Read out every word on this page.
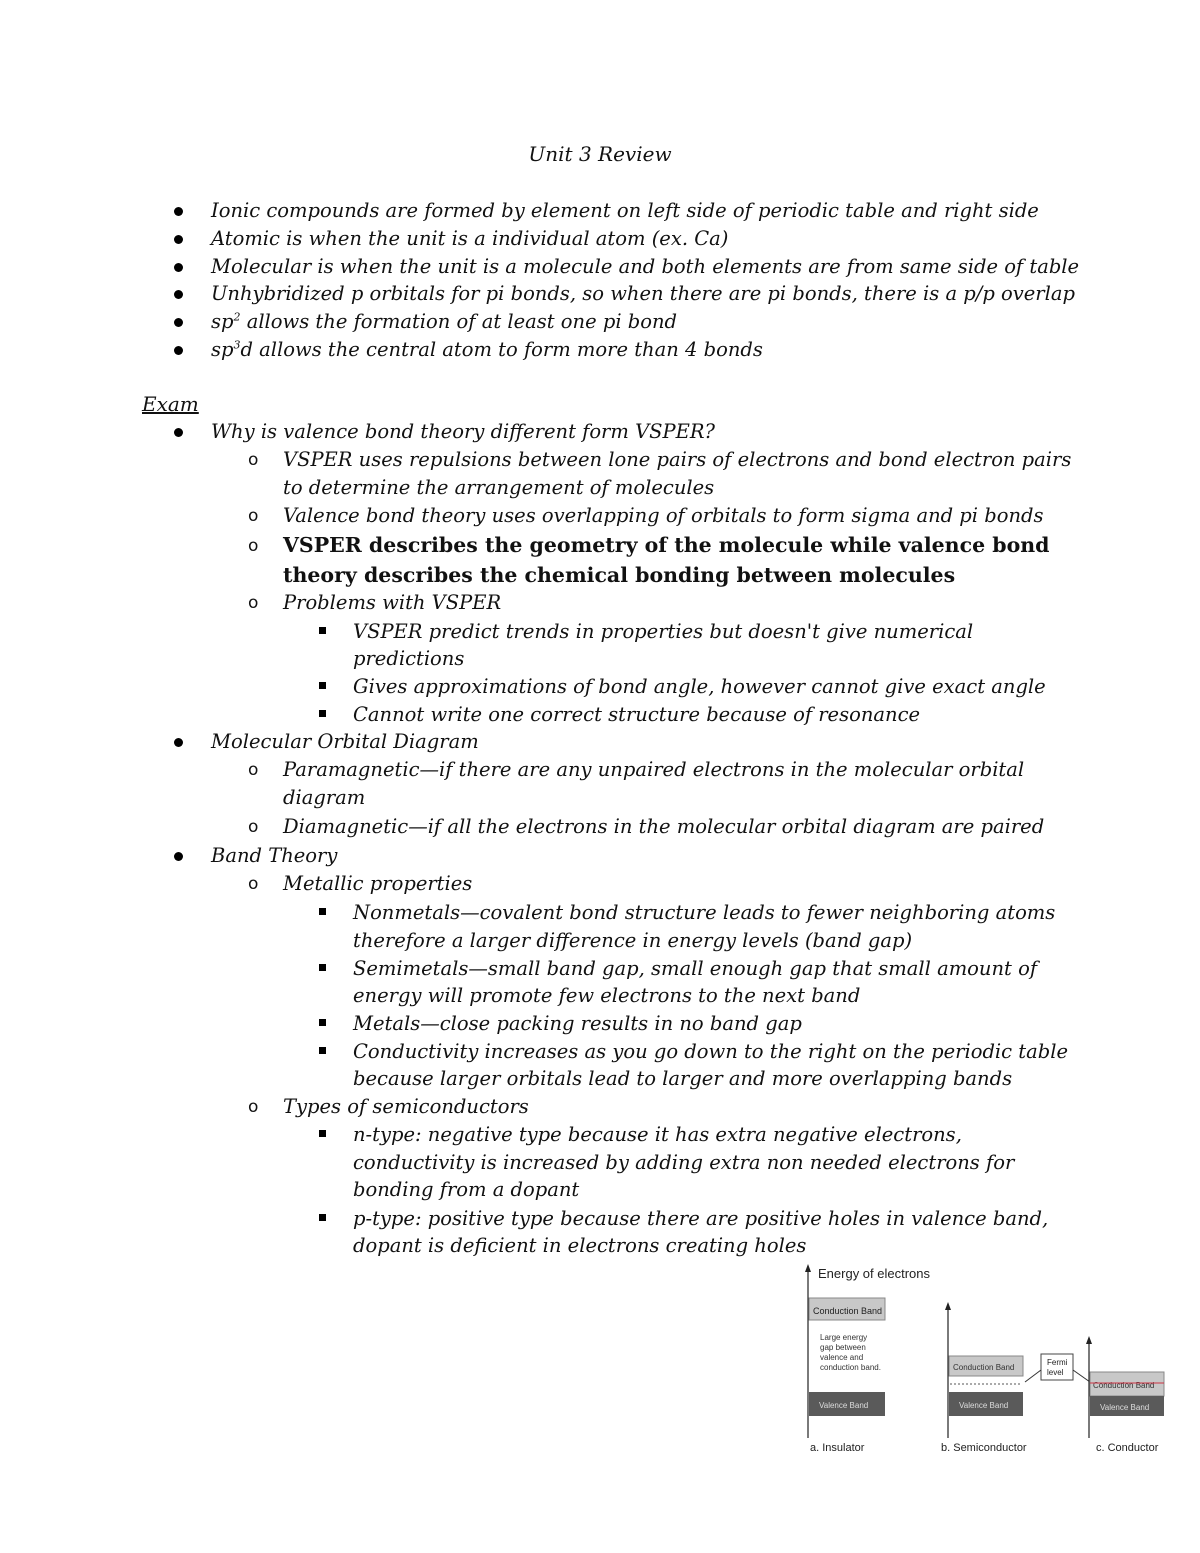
Unit 3 Review
Ionic compounds are formed by element on left side of periodic table and right side
Atomic is when the unit is a individual atom (ex. Ca)
Molecular is when the unit is a molecule and both elements are from same side of table
Unhybridized p orbitals for pi bonds, so when there are pi bonds, there is a p/p overlap
$sp^2$ allows the formation of at least one pi bond
$sp^3d$ allows the central atom to form more than 4 bonds
Exam
Why is valence bond theory different form VSPER?
o VSPER uses repulsions between lone pairs of electrons and bond electron pairs
to determine the arrangement of molecules
o Valence bond theory uses overlapping of orbitals to form sigma and pi bonds
o VSPER describes the geometry of the molecule while valence bond
theory describes the chemical bonding between molecules
o Problems with VSPER
VSPER predict trends in properties but doesn't give numerical
predictions
Gives approximations of bond angle, however cannot give exact angle
Cannot write one correct structure because of resonance
Molecular Orbital Diagram
o Paramagnetic—if there are any unpaired electrons in the molecular orbital
diagram
o Diamagnetic—if all the electrons in the molecular orbital diagram are paired
Band Theory
o Metallic properties
Nonmetals—covalent bond structure leads to fewer neighboring atoms
therefore a larger difference in energy levels (band gap)
Semimetals—small band gap, small enough gap that small amount of
energy will promote few electrons to the next band
Metals—close packing results in no band gap
Conductivity increases as you go down to the right on the periodic table
because larger orbitals lead to larger and more overlapping bands
o Types of semiconductors
n-type: negative type because it has extra negative electrons,
conductivity is increased by adding extra non needed electrons for
bonding from a dopant
p-type: positive type because there are positive holes in valence band,
dopant is deficient in electrons creating holes
Energy of electrons
Conduction Band
Large energy
gap between
valence and
conduction band.
Valence Band
a. Insulator
Conduction Band
Valence Band
b. Semiconductor
Fermi
level
Conduction Band
Valence Band
c. Conductor
